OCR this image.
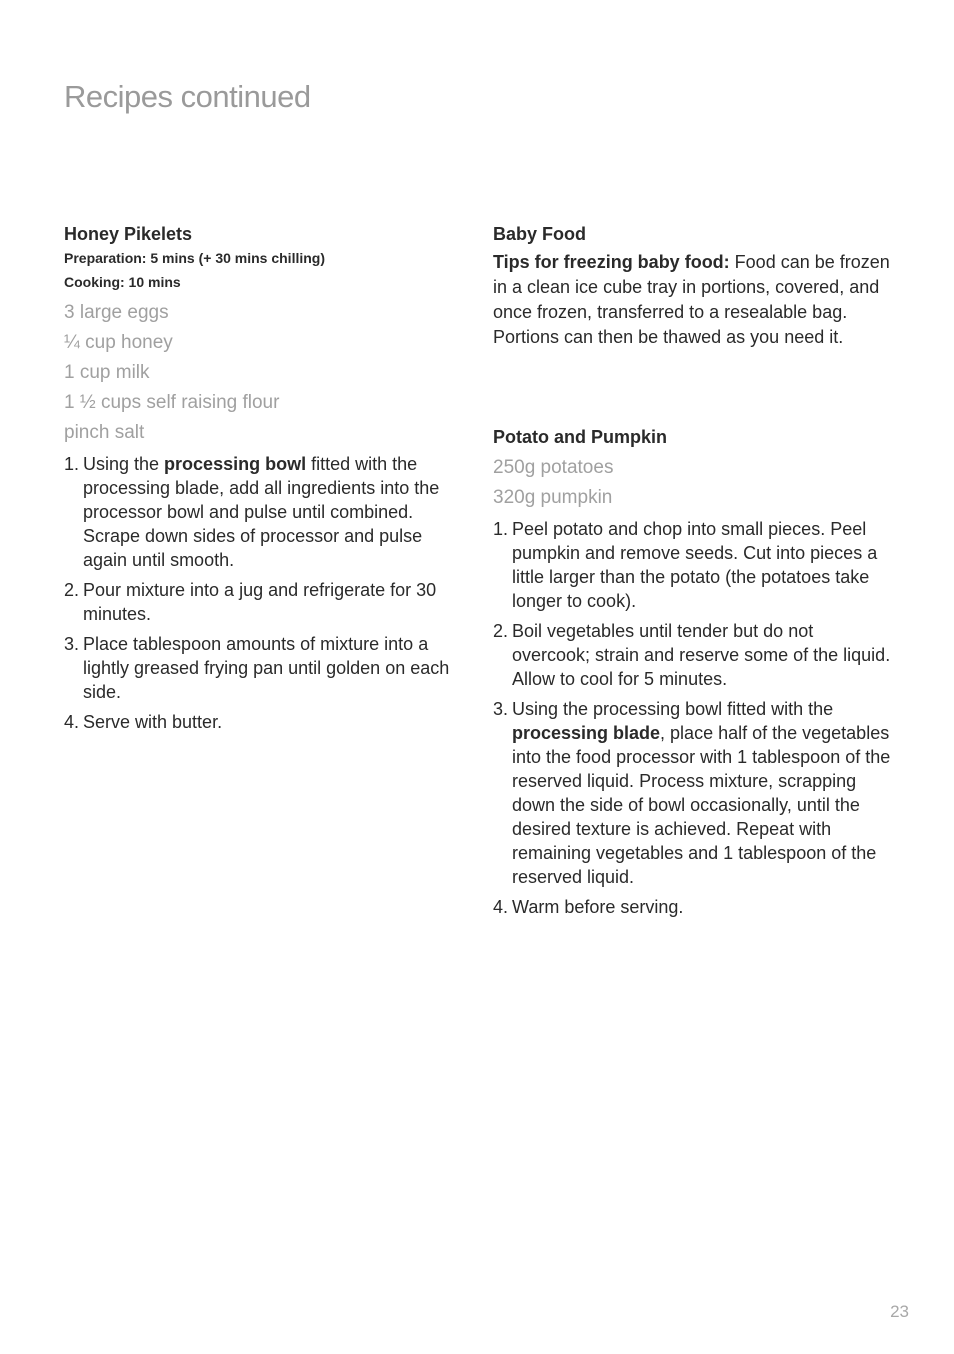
Recipes continued
Honey Pikelets

Preparation: 5 mins (+ 30 mins chilling)

Cooking: 10 mins

3 large eggs
¼ cup honey
1 cup milk
1 ½ cups self raising flour
pinch salt
1. Using the processing bowl fitted with the processing blade, add all ingredients into the processor bowl and pulse until combined. Scrape down sides of processor and pulse again until smooth.
2. Pour mixture into a jug and refrigerate for 30 minutes.
3. Place tablespoon amounts of mixture into a lightly greased frying pan until golden on each side.
4. Serve with butter.
Baby Food

Tips for freezing baby food: Food can be frozen in a clean ice cube tray in portions, covered, and once frozen, transferred to a resealable bag. Portions can then be thawed as you need it.

Potato and Pumpkin
250g potatoes
320g pumpkin
1. Peel potato and chop into small pieces. Peel pumpkin and remove seeds. Cut into pieces a little larger than the potato (the potatoes take longer to cook).
2. Boil vegetables until tender but do not overcook; strain and reserve some of the liquid. Allow to cool for 5 minutes.
3. Using the processing bowl fitted with the processing blade, place half of the vegetables into the food processor with 1 tablespoon of the reserved liquid. Process mixture, scrapping down the side of bowl occasionally, until the desired texture is achieved. Repeat with remaining vegetables and 1 tablespoon of the reserved liquid.
4. Warm before serving.
23
